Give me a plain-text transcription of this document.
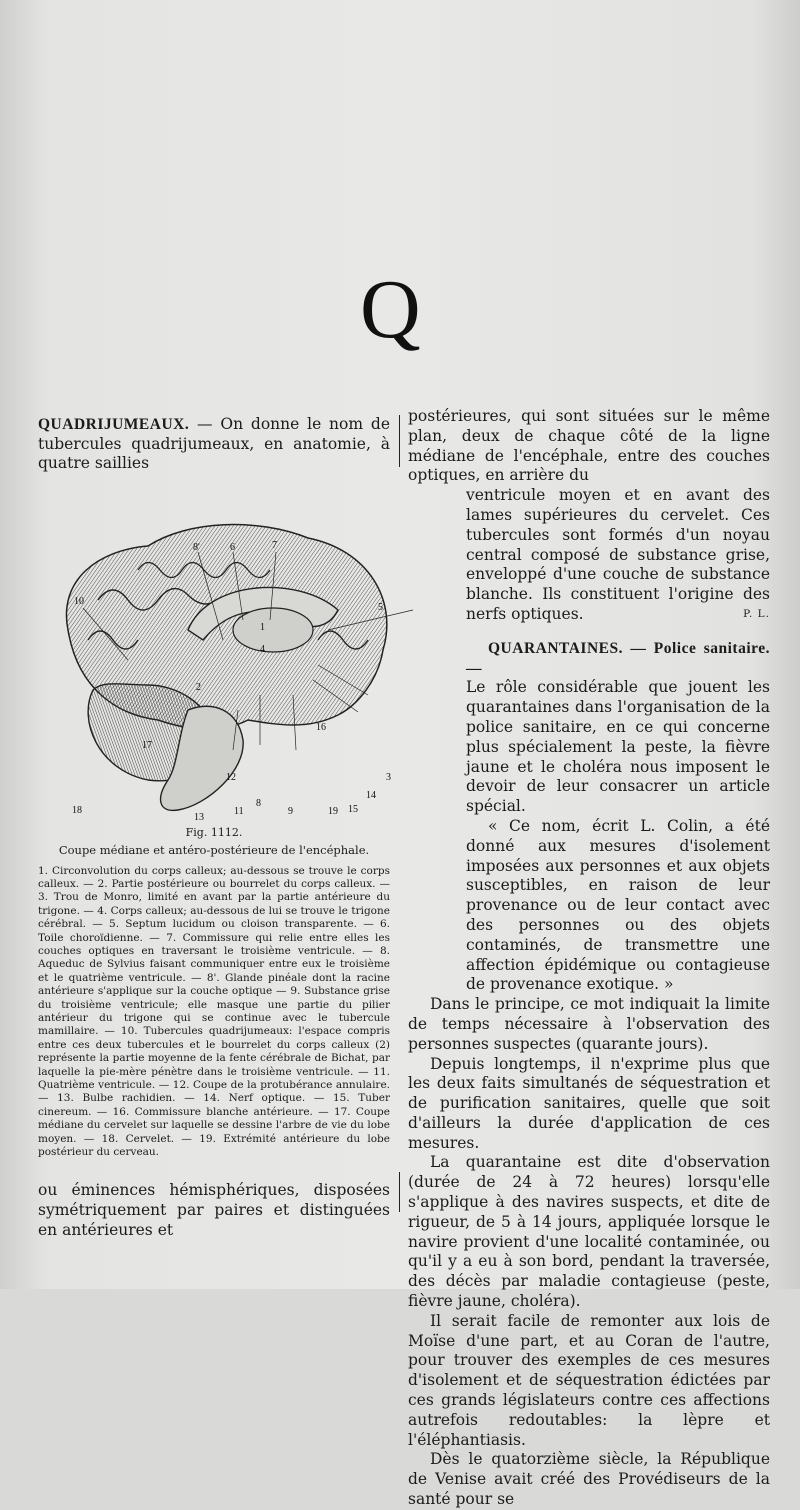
Q

QUADRIJUMEAUX. — On donne le nom de tubercules quadrijumeaux, en anatomie, à quatre saillies

8'	6	7
10
5
1
2
4
16
17
12	3
14
15
18	11
8
9	19
13
Fig. 1112.
Coupe médiane et antéro-postérieure de l'encéphale.

1. Circonvolution du corps calleux; au-dessous se trouve le corps calleux. — 2. Partie postérieure ou bourrelet du corps calleux. — 3. Trou de Monro, limité en avant par la partie antérieure du trigone. — 4. Corps calleux; au-dessous de lui se trouve le trigone cérébral. — 5. Septum lucidum ou cloison transparente. — 6. Toile choroïdienne. — 7. Commissure qui relie entre elles les couches optiques en traversant le troisième ventricule. — 8. Aqueduc de Sylvius faisant communiquer entre eux le troisième et le quatrième ventricule. — 8'. Glande pinéale dont la racine antérieure s'applique sur la couche optique — 9. Substance grise du troisième ventricule; elle masque une partie du pilier antérieur du trigone qui se continue avec le tubercule mamillaire. — 10. Tubercules quadrijumeaux: l'espace compris entre ces deux tubercules et le bourrelet du corps calleux (2) représente la partie moyenne de la fente cérébrale de Bichat, par laquelle la pie-mère pénètre dans le troisième ventricule. — 11. Quatrième ventricule. — 12. Coupe de la protubérance annulaire. — 13. Bulbe rachidien. — 14. Nerf optique. — 15. Tuber cinereum. — 16. Commissure blanche antérieure. — 17. Coupe médiane du cervelet sur laquelle se dessine l'arbre de vie du lobe moyen. — 18. Cervelet. — 19. Extrémité antérieure du lobe postérieur du cerveau.

postérieures, qui sont situées sur le même plan, deux de chaque côté de la ligne médiane de l'encéphale, entre des couches optiques, en arrière du

ventricule moyen et en avant des lames supérieures du cervelet. Ces tubercules sont formés d'un noyau central composé de substance grise, enveloppé d'une couche de substance blanche. Ils constituent l'origine des nerfs optiques.	P. L.

QUARANTAINES. — Police sanitaire. —

Le rôle considérable que jouent les quarantaines dans l'organisation de la police sanitaire, en ce qui concerne plus spécialement la peste, la fièvre jaune et le choléra nous imposent le devoir de leur consacrer un article spécial.

« Ce nom, écrit L. Colin, a été donné aux mesures d'isolement imposées aux personnes et aux objets susceptibles, en raison de leur provenance ou de leur contact avec des personnes ou des objets contaminés, de transmettre une affection épidémique ou contagieuse de provenance exotique. »

Dans le principe, ce mot indiquait la limite de temps nécessaire à l'observation des personnes suspectes (quarante jours).

Depuis longtemps, il n'exprime plus que les deux faits simultanés de séquestration et de purification sanitaires, quelle que soit d'ailleurs la durée d'application de ces mesures.

La quarantaine est dite d'observation (durée de 24 à 72 heures) lorsqu'elle s'applique à des navires suspects, et dite de rigueur, de 5 à 14 jours, appliquée lorsque le navire provient d'une localité contaminée, ou qu'il y a eu à son bord, pendant la traversée, des décès par maladie contagieuse (peste, fièvre jaune, choléra).

Il serait facile de remonter aux lois de Moïse d'une part, et au Coran de l'autre, pour trouver des exemples de ces mesures d'isolement et de séquestration édictées par ces grands législateurs contre ces affections autrefois redoutables: la lèpre et l'éléphantiasis.

Dès le quatorzième siècle, la République de Venise avait créé des Provédiseurs de la santé pour se

ou éminences hémisphériques, disposées symétriquement par paires et distinguées en antérieures et
